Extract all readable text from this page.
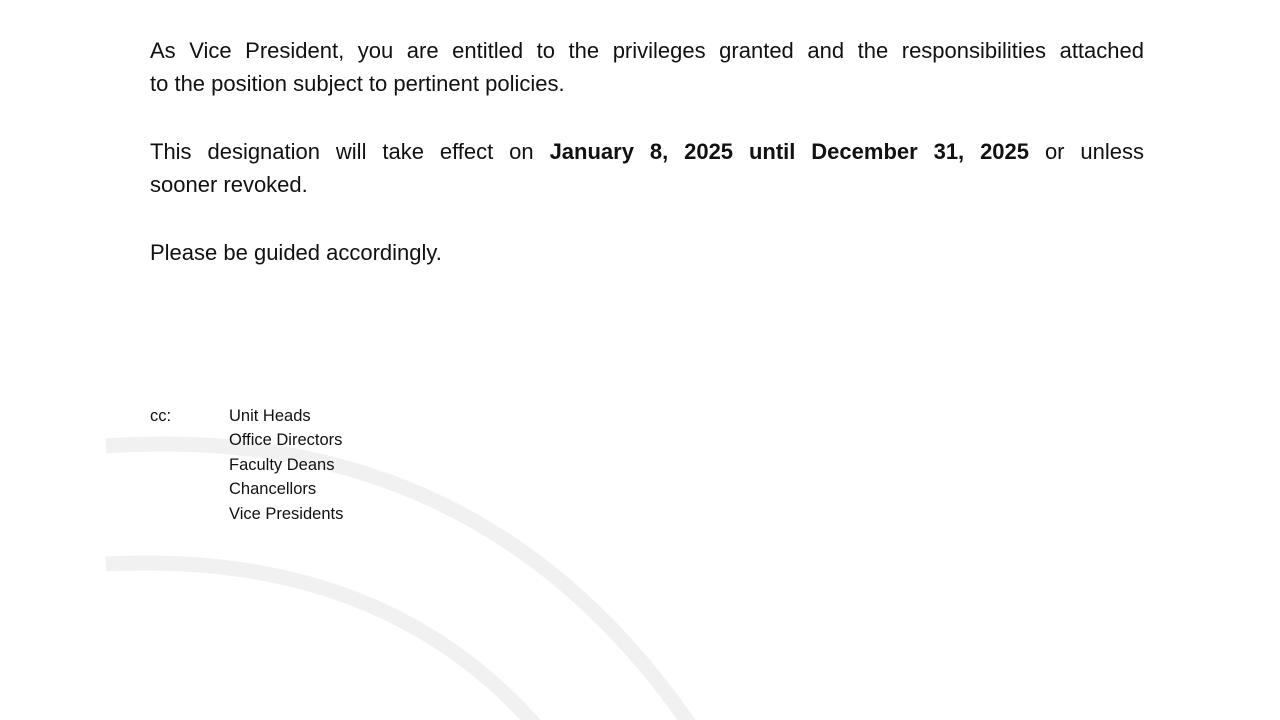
As Vice President, you are entitled to the privileges granted and the responsibilities attached
to the position subject to pertinent policies.

This designation will take effect on January 8, 2025 until December 31, 2025 or unless
sooner revoked.

Please be guided accordingly.

cc:	Unit Heads
Office Directors
Faculty Deans
Chancellors
Vice Presidents
